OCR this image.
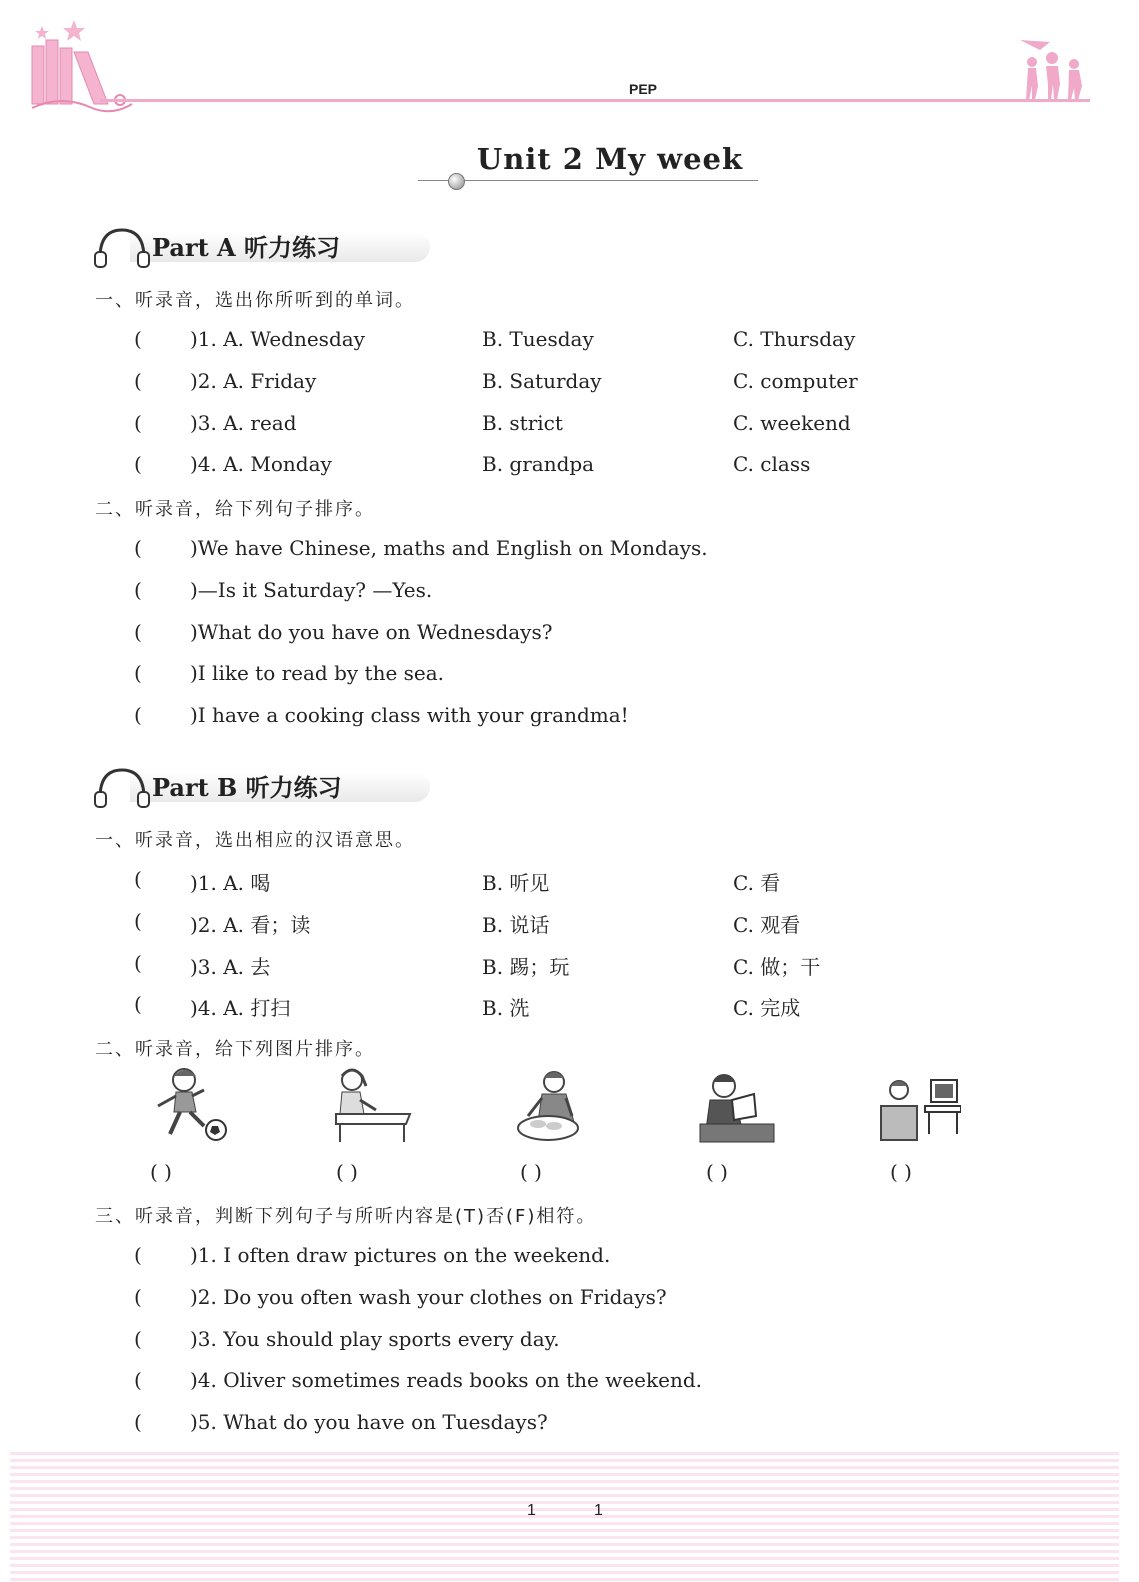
PEP
Unit 2 My week
Part A 听力练习
一、听录音，选出你所听到的单词。
( )1. A. Wednesday	B. Tuesday	C. Thursday
( )2. A. Friday	B. Saturday	C. computer
( )3. A. read	B. strict	C. weekend
( )4. A. Monday	B. grandpa	C. class
二、听录音，给下列句子排序。
( )We have Chinese, maths and English on Mondays.
( )—Is it Saturday? —Yes.
( )What do you have on Wednesdays?
( )I like to read by the sea.
( )I have a cooking class with your grandma!
Part B 听力练习
一、听录音，选出相应的汉语意思。
( )1. A. 喝	B. 听见	C. 看
( )2. A. 看；读	B. 说话	C. 观看
( )3. A. 去	B. 踢；玩	C. 做；干
( )4. A. 打扫	B. 洗	C. 完成
二、听录音，给下列图片排序。
( )	( )	( )	( )	( )
三、听录音，判断下列句子与所听内容是(T)否(F)相符。
( )1. I often draw pictures on the weekend.
( )2. Do you often wash your clothes on Fridays?
( )3. You should play sports every day.
( )4. Oliver sometimes reads books on the weekend.
( )5. What do you have on Tuesdays?
1	1
